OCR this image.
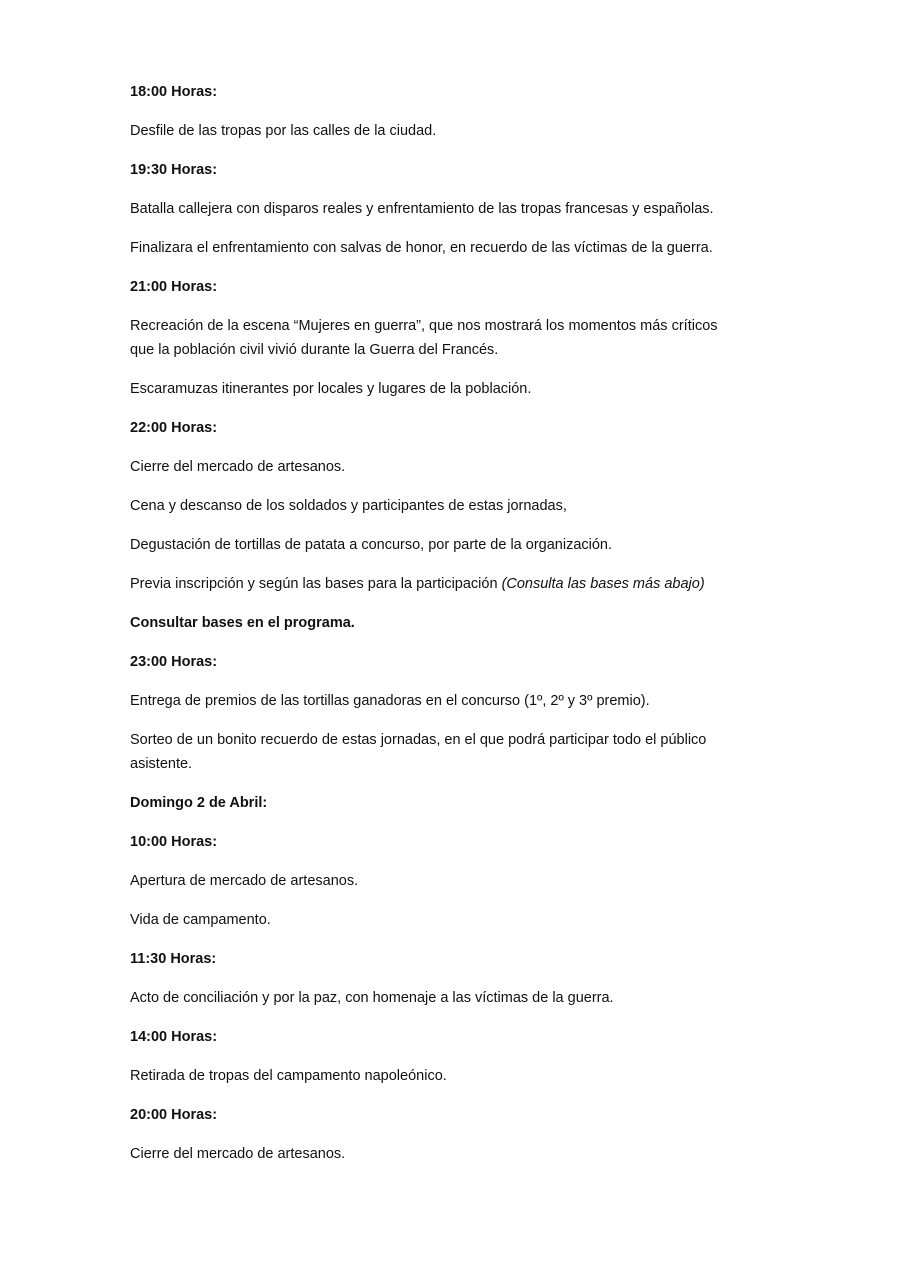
18:00 Horas:

Desfile de las tropas por las calles de la ciudad.

19:30 Horas:

Batalla callejera con disparos reales y enfrentamiento de las tropas francesas y españolas.

Finalizara el enfrentamiento con salvas de honor, en recuerdo de las víctimas de la guerra.

21:00 Horas:

Recreación de la escena “Mujeres en guerra”, que nos mostrará los momentos más críticos

que la población civil vivió durante la Guerra del Francés.

Escaramuzas itinerantes por locales y lugares de la población.

22:00 Horas:

Cierre del mercado de artesanos.

Cena y descanso de los soldados y participantes de estas jornadas,

Degustación de tortillas de patata a concurso, por parte de la organización.

Previa inscripción y según las bases para la participación (Consulta las bases más abajo)

Consultar bases en el programa.

23:00 Horas:

Entrega de premios de las tortillas ganadoras en el concurso (1º, 2º y 3º premio).

Sorteo de un bonito recuerdo de estas jornadas, en el que podrá participar todo el público

asistente.

Domingo 2 de Abril:

10:00 Horas:

Apertura de mercado de artesanos.

Vida de campamento.

11:30 Horas:

Acto de conciliación y por la paz, con homenaje a las víctimas de la guerra.

14:00 Horas:

Retirada de tropas del campamento napoleónico.

20:00 Horas:

Cierre del mercado de artesanos.
